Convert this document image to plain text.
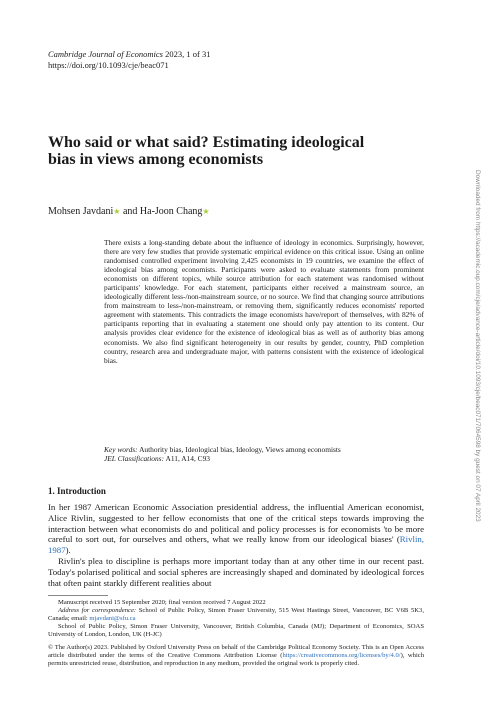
Cambridge Journal of Economics 2023, 1 of 31
https://doi.org/10.1093/cje/beac071
Who said or what said? Estimating ideological bias in views among economists
Mohsen Javdani★ and Ha-Joon Chang★
There exists a long-standing debate about the influence of ideology in economics. Surprisingly, however, there are very few studies that provide systematic empirical evidence on this critical issue. Using an online randomised controlled experiment involving 2,425 economists in 19 countries, we examine the effect of ideological bias among economists. Participants were asked to evaluate statements from prominent economists on different topics, while source attribution for each statement was randomised without participants' knowledge. For each statement, participants either received a mainstream source, an ideologically different less-/non-mainstream source, or no source. We find that changing source attributions from mainstream to less-/non-mainstream, or removing them, significantly reduces economists' reported agreement with statements. This contradicts the image economists have/report of themselves, with 82% of participants reporting that in evaluating a statement one should only pay attention to its content. Our analysis provides clear evidence for the existence of ideological bias as well as of authority bias among economists. We also find significant heterogeneity in our results by gender, country, PhD completion country, research area and undergraduate major, with patterns consistent with the existence of ideological bias.
Key words: Authority bias, Ideological bias, Ideology, Views among economists
JEL Classifications: A11, A14, C93
1. Introduction

In her 1987 American Economic Association presidential address, the influential American economist, Alice Rivlin, suggested to her fellow economists that one of the critical steps towards improving the interaction between what economists do and political and policy processes is for economists 'to be more careful to sort out, for ourselves and others, what we really know from our ideological biases' (Rivlin, 1987).

Rivlin's plea to discipline is perhaps more important today than at any other time in our recent past. Today's polarised political and social spheres are increasingly shaped and dominated by ideological forces that often paint starkly different realities about

Manuscript received 15 September 2020; final version received 7 August 2022

Address for correspondence: School of Public Policy, Simon Fraser University, 515 West Hastings Street, Vancouver, BC V6B 5K3, Canada; email: mjavdani@sfu.ca

School of Public Policy, Simon Fraser University, Vancouver, British Columbia, Canada (MJ); Department of Economics, SOAS University of London, London, UK (H-JC)

© The Author(s) 2023. Published by Oxford University Press on behalf of the Cambridge Political Economy Society. This is an Open Access article distributed under the terms of the Creative Commons Attribution License (https://creativecommons.org/licenses/by/4.0/), which permits unrestricted reuse, distribution, and reproduction in any medium, provided the original work is properly cited.
Downloaded from https://academic.oup.com/cje/advance-article/doi/10.1093/cje/beac071/7064598 by guest on 07 April 2023
